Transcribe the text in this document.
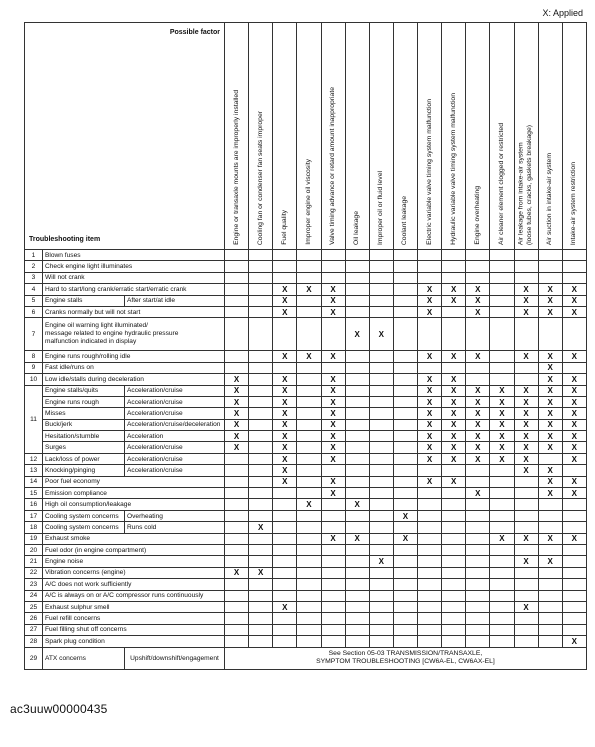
X: Applied
Possible factor
Troubleshooting item			Engine or transaxle mounts are improperly installed	Cooling fan or condenser fan seats improper	Fuel quality	Improper engine oil viscosity	Valve timing advance or retard amount inappropriate	Oil leakage	Improper oil or fluid level	Coolant leakage	Electric variable valve timing system malfunction	Hydraulic variable valve timing system malfunction	Engine overheating	Air cleaner element clogged or restricted	Air leakage from intake-air system
(loose tubes, cracks, gaskets breakage)	Air suction in intake-air system	Intake-air system restriction

1	Blown fuses																
2	Check engine light illuminates																
3	Will not crank																
4	Hard to start/long crank/erratic start/erratic crank				X	X	X				X	X	X		X	X	X
5	Engine stalls	After start/at idle			X		X				X	X	X		X	X	X
6	Cranks normally but will not start				X		X				X		X		X	X	X
7	Engine oil warning light illuminated/
message related to engine hydraulic pressure
malfunction indicated in display							X	X								
8	Engine runs rough/rolling idle				X	X	X				X	X	X		X	X	X
9	Fast idle/runs on															X	
10	Low idle/stalls during deceleration		X		X		X				X	X				X	X
11	Engine stalls/quits	Acceleration/cruise	X		X		X				X	X	X	X	X	X	X
	Engine runs rough	Acceleration/cruise	X		X		X				X	X	X	X	X	X	X
	Misses	Acceleration/cruise	X		X		X				X	X	X	X	X	X	X
	Buck/jerk	Acceleration/cruise/deceleration	X		X		X				X	X	X	X	X	X	X
	Hesitation/stumble	Acceleration	X		X		X				X	X	X	X	X	X	X
	Surges	Acceleration/cruise	X		X		X				X	X	X	X	X	X	X
12	Lack/loss of power	Acceleration/cruise			X		X				X	X	X	X	X		X
13	Knocking/pinging	Acceleration/cruise			X										X	X	
14	Poor fuel economy				X		X				X	X				X	X
15	Emission compliance						X						X			X	X
16	High oil consumption/leakage					X		X									
17	Cooling system concerns	Overheating								X							
18	Cooling system concerns	Runs cold		X													
19	Exhaust smoke						X	X		X				X	X	X	X
20	Fuel odor (in engine compartment)																
21	Engine noise								X						X	X	
22	Vibration concerns (engine)		X	X													
23	A/C does not work sufficiently																
24	A/C is always on or A/C compressor runs continuously																
25	Exhaust sulphur smell				X										X		
26	Fuel refill concerns																
27	Fuel filling shut off concerns																
28	Spark plug condition																X
29	ATX concerns	Upshift/downshift/engagement	See Section 05-03 TRANSMISSION/TRANSAXLE,
SYMPTOM TROUBLESHOOTING [CW6A-EL, CW6AX-EL]														
ac3uuw00000435
